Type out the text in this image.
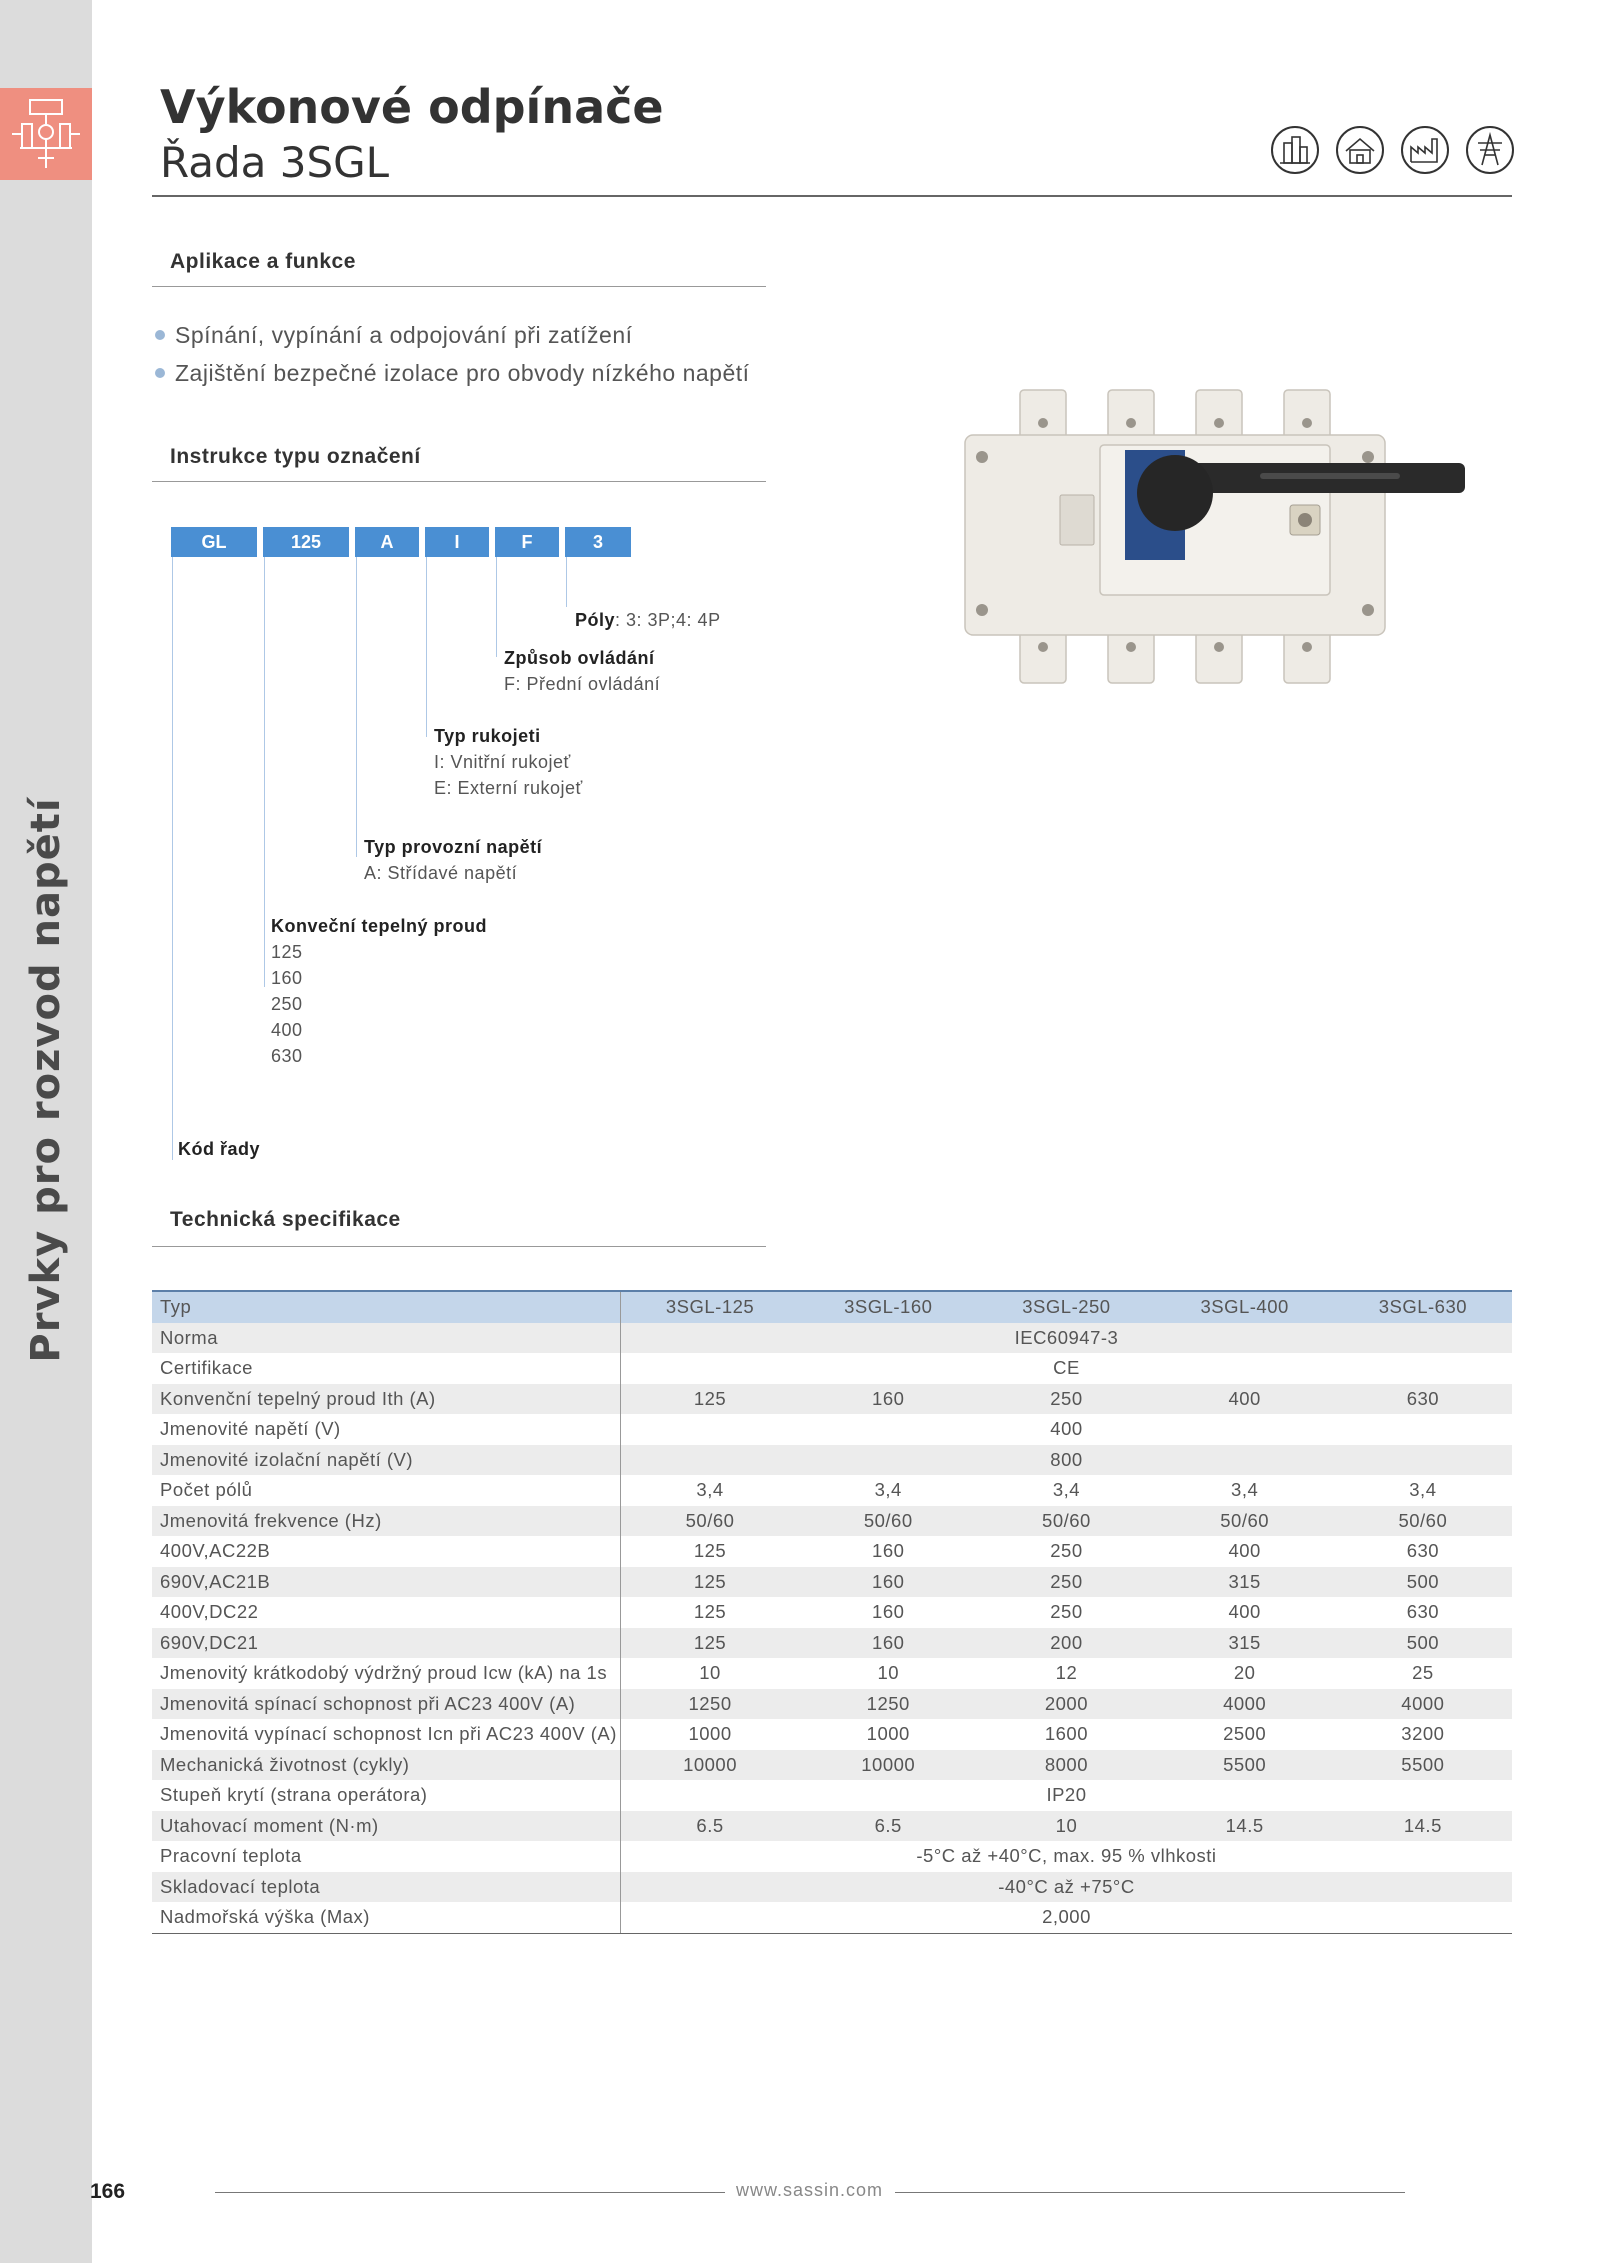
Prvky pro rozvod napětí
166
Výkonové odpínače
Řada 3SGL
Aplikace a funkce
Spínání, vypínání a odpojování při zatížení
Zajištění bezpečné izolace pro obvody nízkého napětí
Instrukce typu označení
GL	125	A	I	F	3
Póly: 3: 3P;4: 4P
Způsob ovládání
F: Přední ovládání
Typ rukojeti
I: Vnitřní rukojeť
E: Externí rukojeť
Typ provozní napětí
A: Střídavé napětí
Konveční tepelný proud
125
160
250
400
630
Kód řady
Technická specifikace
Typ	3SGL-125	3SGL-160	3SGL-250	3SGL-400	3SGL-630
Norma	IEC60947-3				
Certifikace	CE				
Konvenční tepelný proud Ith (A)	125	160	250	400	630
Jmenovité napětí (V)	400				
Jmenovité izolační napětí (V)	800				
Počet pólů	3,4	3,4	3,4	3,4	3,4
Jmenovitá frekvence (Hz)	50/60	50/60	50/60	50/60	50/60
400V,AC22B	125	160	250	400	630
690V,AC21B	125	160	250	315	500
400V,DC22	125	160	250	400	630
690V,DC21	125	160	200	315	500
Jmenovitý krátkodobý výdržný proud Icw (kA) na 1s	10	10	12	20	25
Jmenovitá spínací schopnost při AC23 400V (A)	1250	1250	2000	4000	4000
Jmenovitá vypínací schopnost Icn při AC23 400V (A)	1000	1000	1600	2500	3200
Mechanická životnost (cykly)	10000	10000	8000	5500	5500
Stupeň krytí (strana operátora)	IP20				
Utahovací moment (N·m)	6.5	6.5	10	14.5	14.5
Pracovní teplota	-5°C až +40°C, max. 95 % vlhkosti				
Skladovací teplota	-40°C až +75°C				
Nadmořská výška (Max)	2,000				
www.sassin.com
